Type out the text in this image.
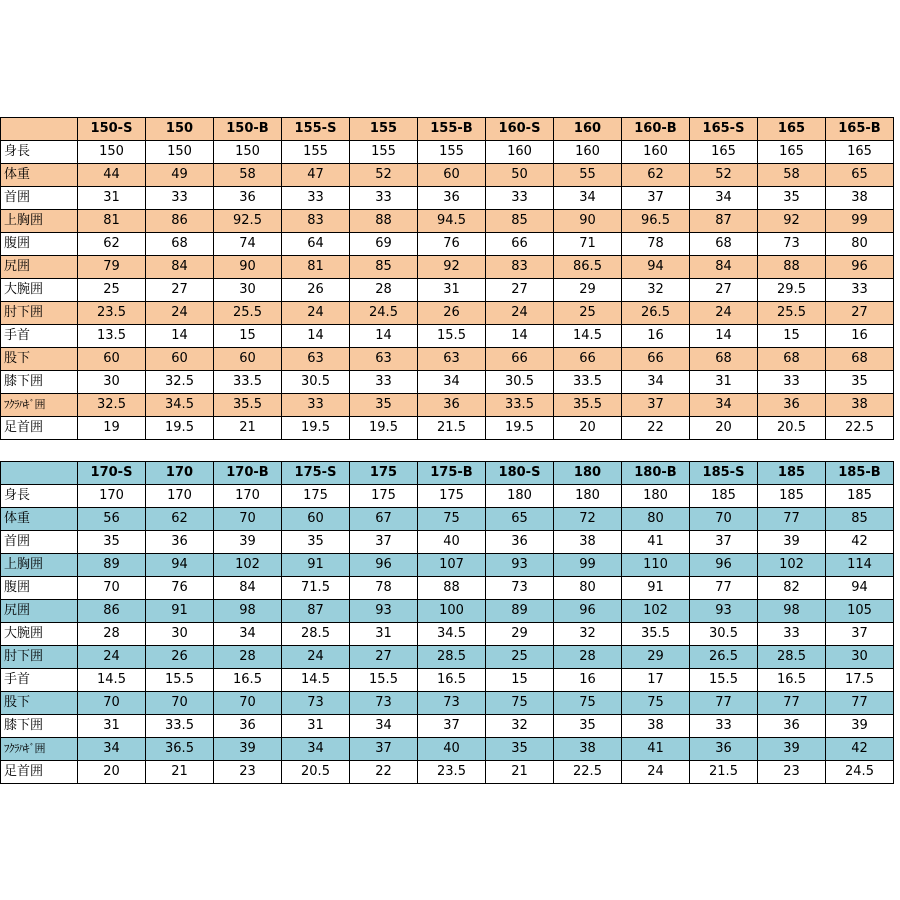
	150-S	150	150-B	155-S	155	155-B	160-S	160	160-B	165-S	165	165-B
身長	150	150	150	155	155	155	160	160	160	165	165	165
体重	44	49	58	47	52	60	50	55	62	52	58	65
首囲	31	33	36	33	33	36	33	34	37	34	35	38
上胸囲	81	86	92.5	83	88	94.5	85	90	96.5	87	92	99
腹囲	62	68	74	64	69	76	66	71	78	68	73	80
尻囲	79	84	90	81	85	92	83	86.5	94	84	88	96
大腕囲	25	27	30	26	28	31	27	29	32	27	29.5	33
肘下囲	23.5	24	25.5	24	24.5	26	24	25	26.5	24	25.5	27
手首	13.5	14	15	14	14	15.5	14	14.5	16	14	15	16
股下	60	60	60	63	63	63	66	66	66	68	68	68
膝下囲	30	32.5	33.5	30.5	33	34	30.5	33.5	34	31	33	35
ﾌｸﾗﾊｷﾞ囲	32.5	34.5	35.5	33	35	36	33.5	35.5	37	34	36	38
足首囲	19	19.5	21	19.5	19.5	21.5	19.5	20	22	20	20.5	22.5
	170-S	170	170-B	175-S	175	175-B	180-S	180	180-B	185-S	185	185-B
身長	170	170	170	175	175	175	180	180	180	185	185	185
体重	56	62	70	60	67	75	65	72	80	70	77	85
首囲	35	36	39	35	37	40	36	38	41	37	39	42
上胸囲	89	94	102	91	96	107	93	99	110	96	102	114
腹囲	70	76	84	71.5	78	88	73	80	91	77	82	94
尻囲	86	91	98	87	93	100	89	96	102	93	98	105
大腕囲	28	30	34	28.5	31	34.5	29	32	35.5	30.5	33	37
肘下囲	24	26	28	24	27	28.5	25	28	29	26.5	28.5	30
手首	14.5	15.5	16.5	14.5	15.5	16.5	15	16	17	15.5	16.5	17.5
股下	70	70	70	73	73	73	75	75	75	77	77	77
膝下囲	31	33.5	36	31	34	37	32	35	38	33	36	39
ﾌｸﾗﾊｷﾞ囲	34	36.5	39	34	37	40	35	38	41	36	39	42
足首囲	20	21	23	20.5	22	23.5	21	22.5	24	21.5	23	24.5
